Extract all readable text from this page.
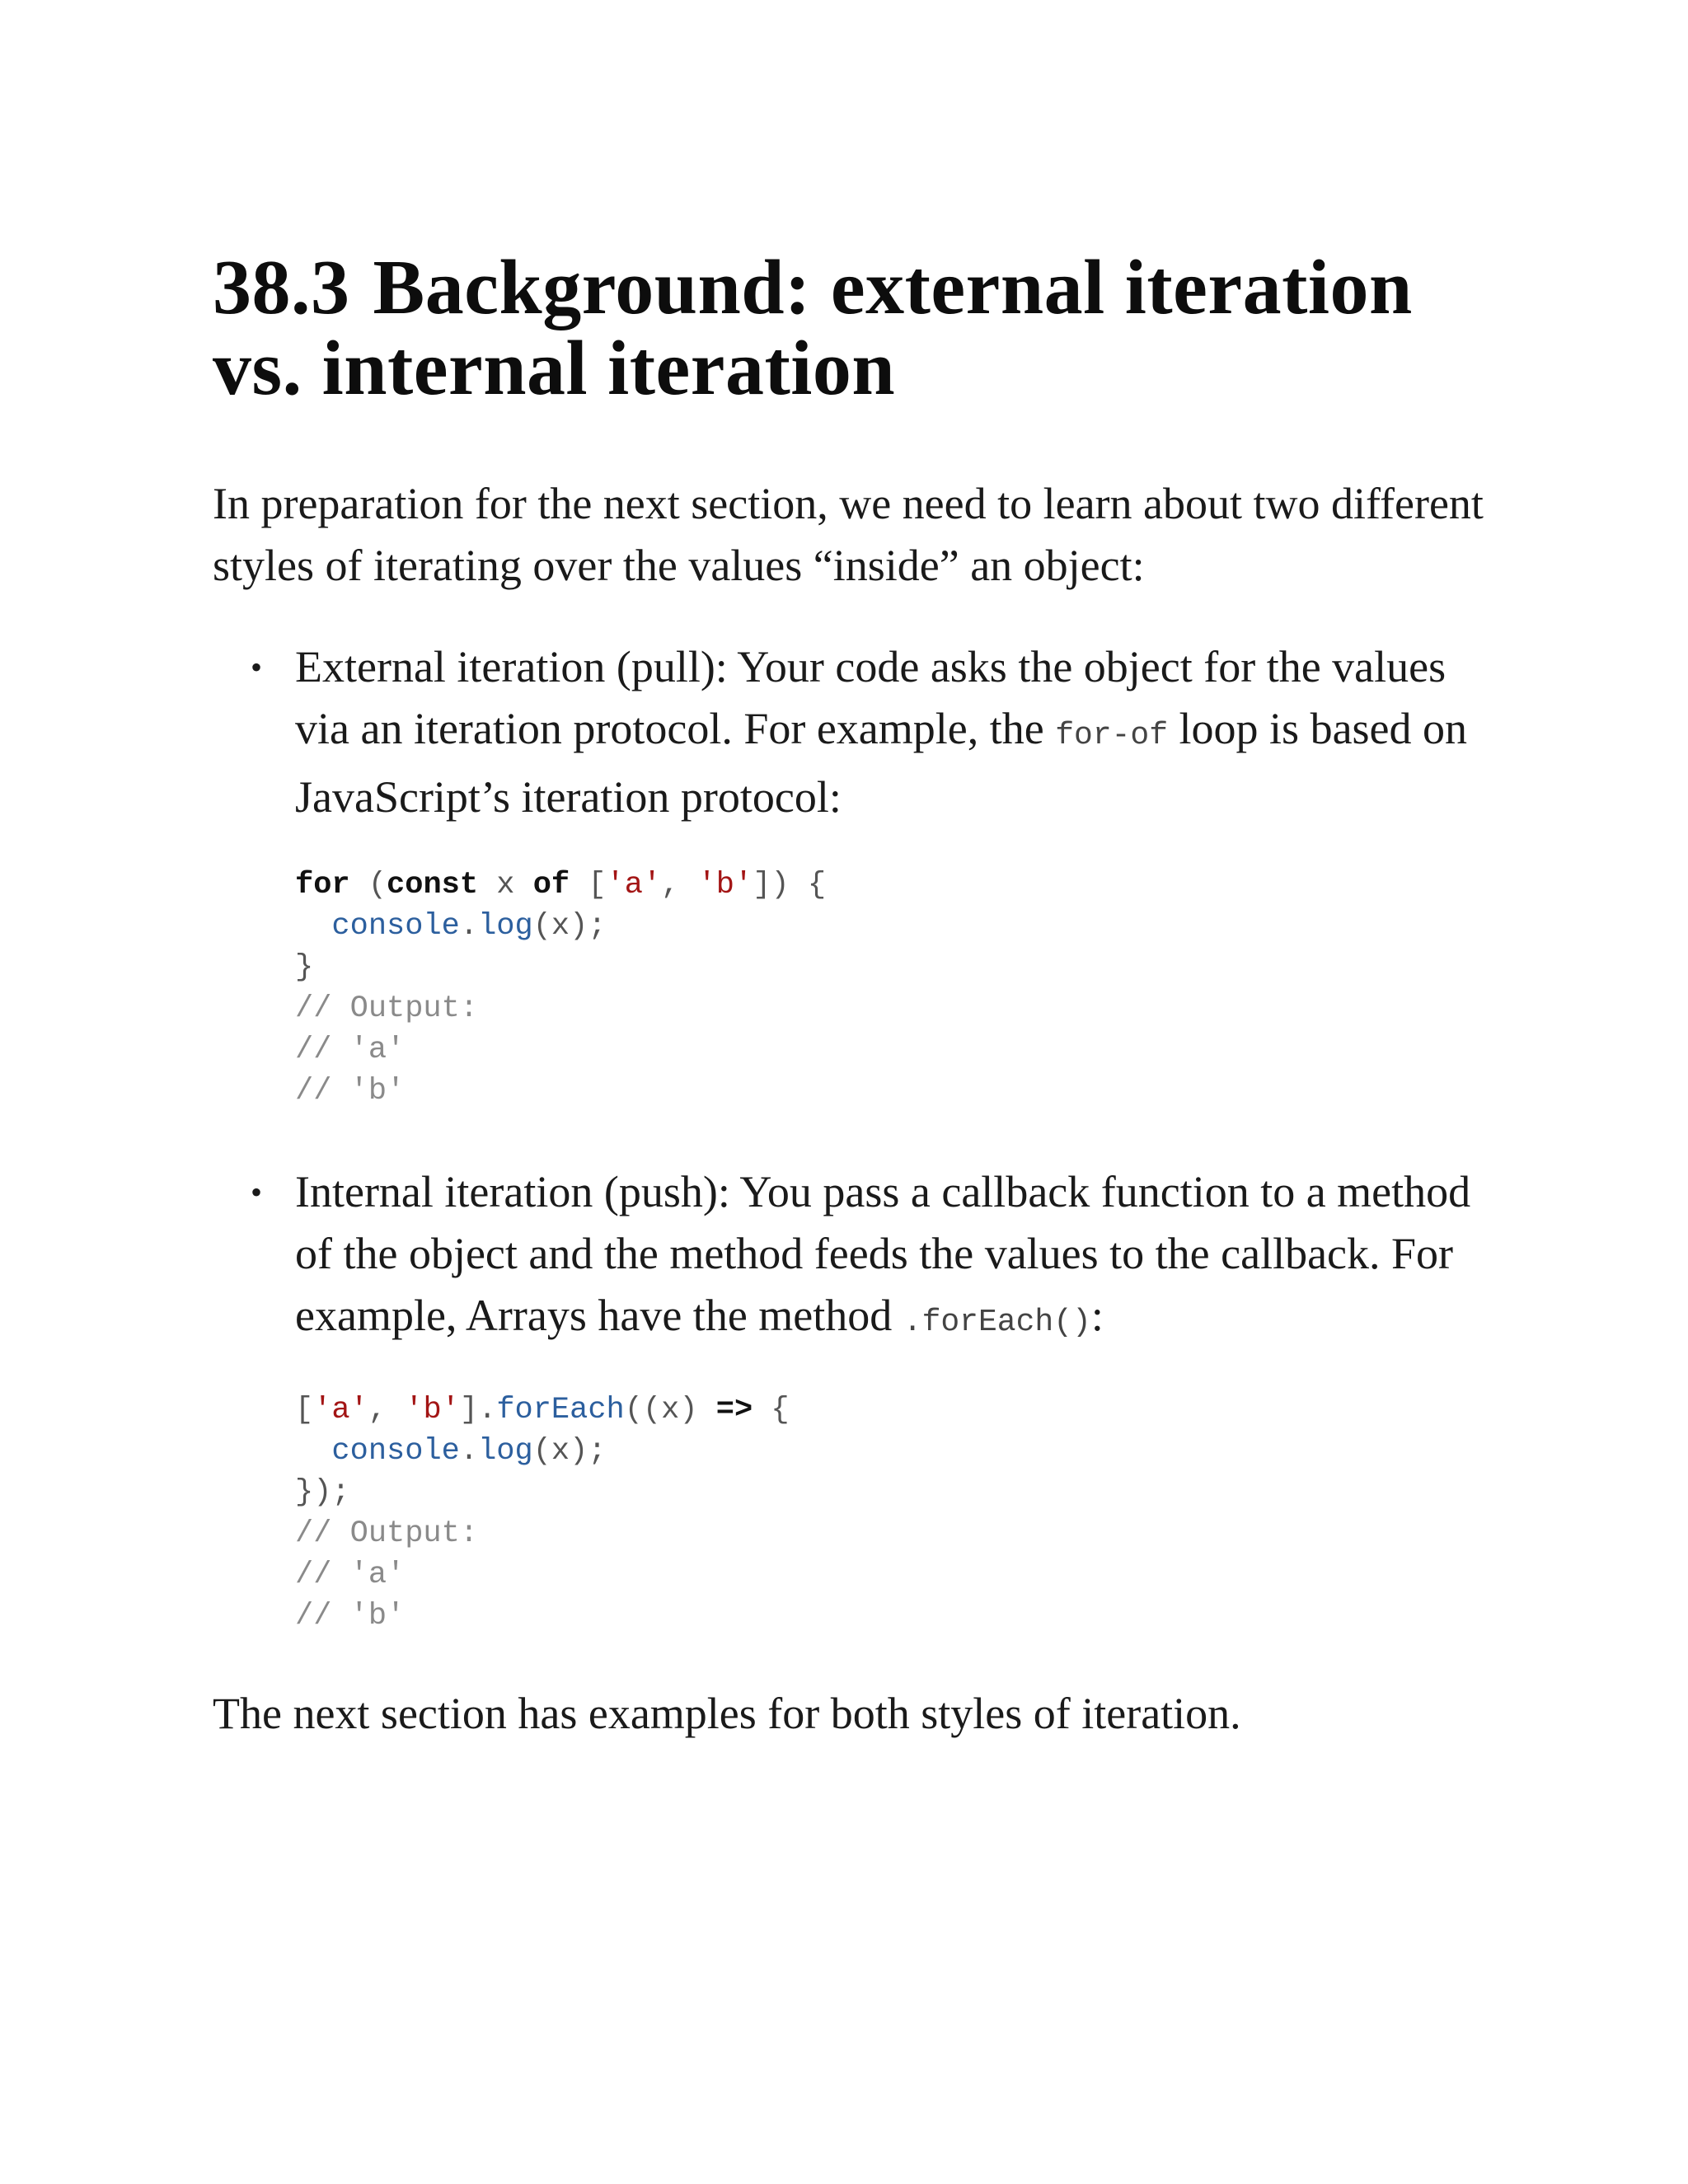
38.3 Background: external iteration vs. internal iteration

In preparation for the next section, we need to learn about two different styles of iterating over the values “inside” an object:

• External iteration (pull): Your code asks the object for the values via an iteration protocol. For example, the for-of loop is based on JavaScript’s iteration protocol:
for (const x of ['a', 'b']) {
console.log(x);
}
// Output:
// 'a'
// 'b'
• Internal iteration (push): You pass a callback function to a method of the object and the method feeds the values to the callback. For example, Arrays have the method .forEach():
['a', 'b'].forEach((x) => {
console.log(x);
});
// Output:
// 'a'
// 'b'

The next section has examples for both styles of iteration.
